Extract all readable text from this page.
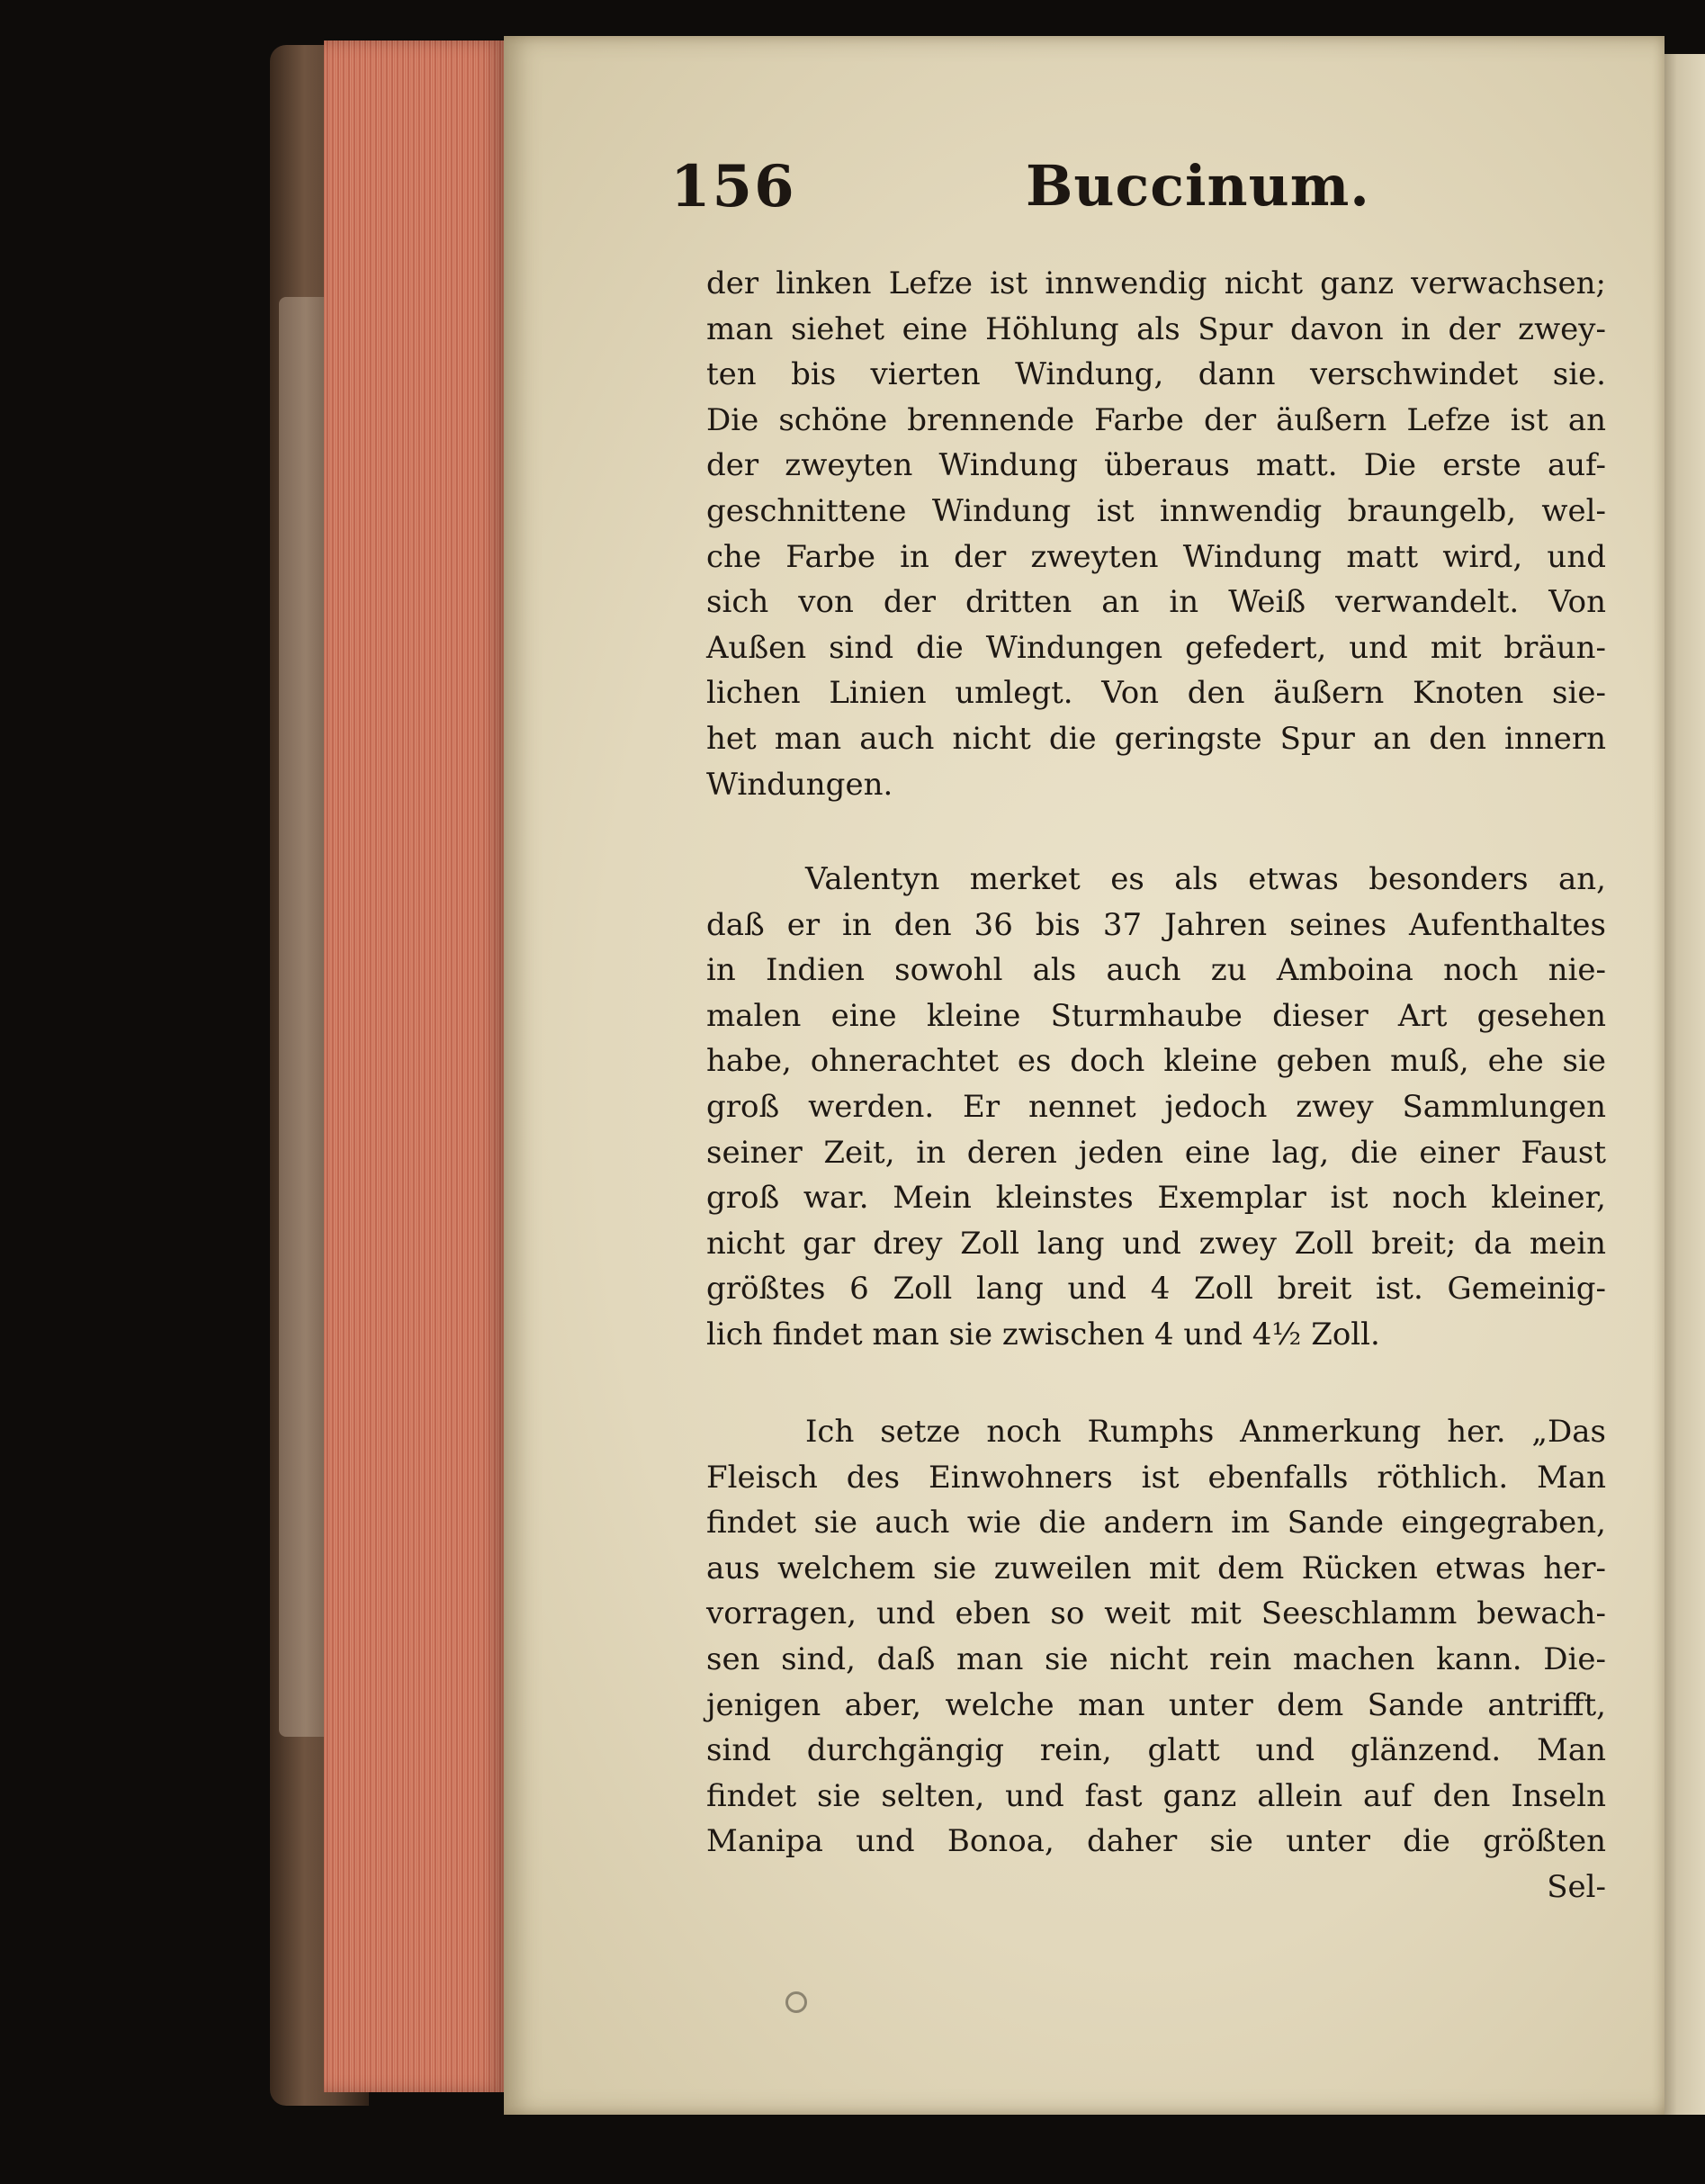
156	Buccinum.
der linken Lefze ist innwendig nicht ganz verwachsen;
man siehet eine Höhlung als Spur davon in der zwey-
ten bis vierten Windung, dann verschwindet sie.
Die schöne brennende Farbe der äußern Lefze ist an
der zweyten Windung überaus matt. Die erste auf-
geschnittene Windung ist innwendig braungelb, wel-
che Farbe in der zweyten Windung matt wird, und
sich von der dritten an in Weiß verwandelt. Von
Außen sind die Windungen gefedert, und mit bräun-
lichen Linien umlegt. Von den äußern Knoten sie-
het man auch nicht die geringste Spur an den innern
Windungen.
Valentyn merket es als etwas besonders an,
daß er in den 36 bis 37 Jahren seines Aufenthaltes
in Indien sowohl als auch zu Amboina noch nie-
malen eine kleine Sturmhaube dieser Art gesehen
habe, ohnerachtet es doch kleine geben muß, ehe sie
groß werden. Er nennet jedoch zwey Sammlungen
seiner Zeit, in deren jeden eine lag, die einer Faust
groß war. Mein kleinstes Exemplar ist noch kleiner,
nicht gar drey Zoll lang und zwey Zoll breit; da mein
größtes 6 Zoll lang und 4 Zoll breit ist. Gemeinig-
lich findet man sie zwischen 4 und 4½ Zoll.
Ich setze noch Rumphs Anmerkung her. „Das
Fleisch des Einwohners ist ebenfalls röthlich. Man
findet sie auch wie die andern im Sande eingegraben,
aus welchem sie zuweilen mit dem Rücken etwas her-
vorragen, und eben so weit mit Seeschlamm bewach-
sen sind, daß man sie nicht rein machen kann. Die-
jenigen aber, welche man unter dem Sande antrifft,
sind durchgängig rein, glatt und glänzend. Man
findet sie selten, und fast ganz allein auf den Inseln
Manipa und Bonoa, daher sie unter die größten
Sel-
